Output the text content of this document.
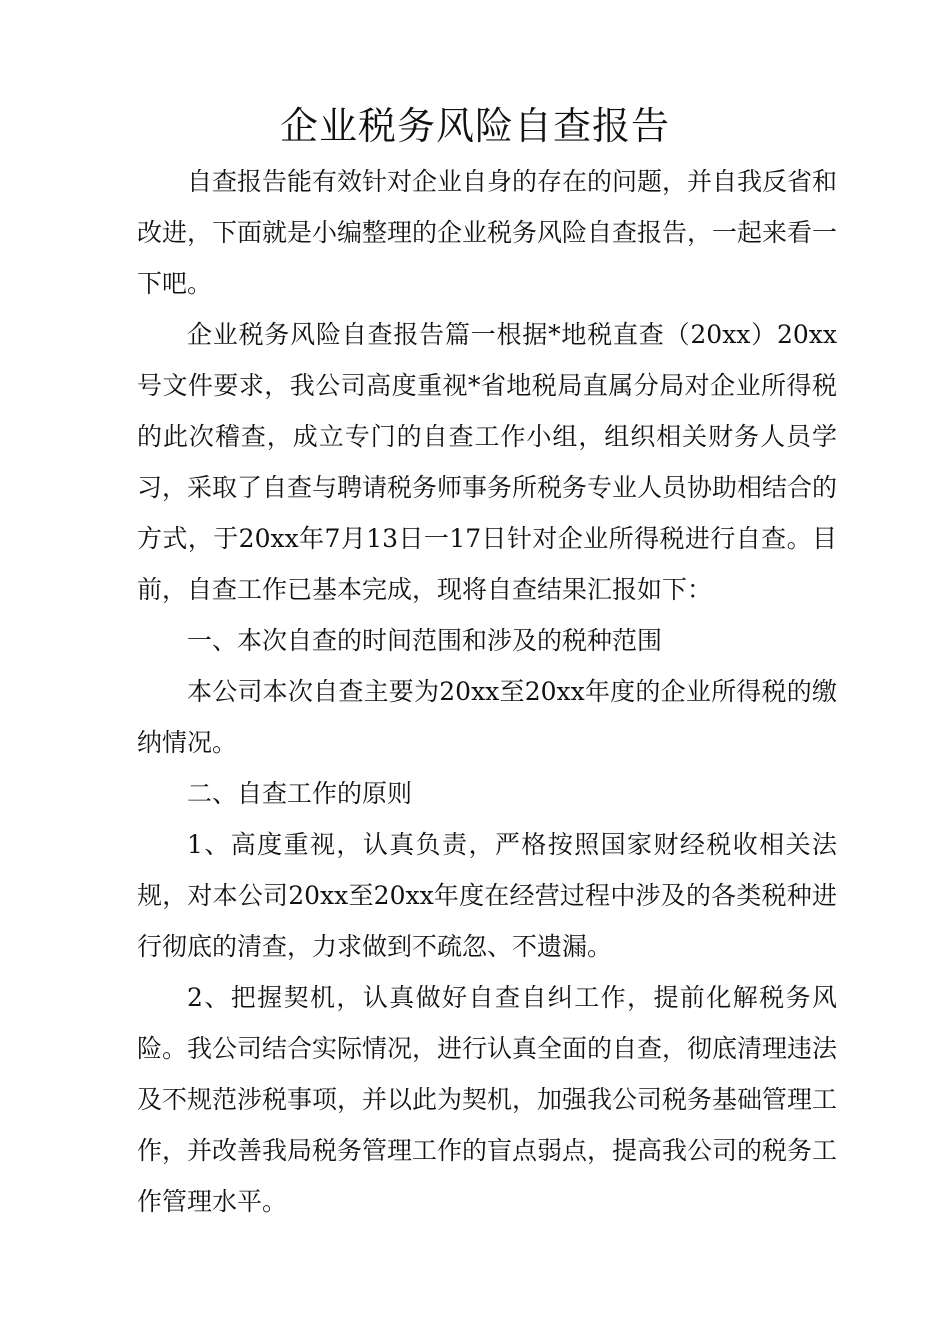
企业税务风险自查报告

自查报告能有效针对企业自身的存在的问题，并自我反省和改进，下面就是小编整理的企业税务风险自查报告，一起来看一下吧。

企业税务风险自查报告篇一根据*地税直查（20xx）20xx号文件要求，我公司高度重视*省地税局直属分局对企业所得税的此次稽查，成立专门的自查工作小组，组织相关财务人员学习，采取了自查与聘请税务师事务所税务专业人员协助相结合的方式，于20xx年7月13日一17日针对企业所得税进行自查。目前，自查工作已基本完成，现将自查结果汇报如下：

一、本次自查的时间范围和涉及的税种范围

本公司本次自查主要为20xx至20xx年度的企业所得税的缴纳情况。

二、自查工作的原则

1、高度重视，认真负责，严格按照国家财经税收相关法规，对本公司20xx至20xx年度在经营过程中涉及的各类税种进行彻底的清查，力求做到不疏忽、不遗漏。

2、把握契机，认真做好自查自纠工作，提前化解税务风险。我公司结合实际情况，进行认真全面的自查，彻底清理违法及不规范涉税事项，并以此为契机，加强我公司税务基础管理工作，并改善我局税务管理工作的盲点弱点，提高我公司的税务工作管理水平。
